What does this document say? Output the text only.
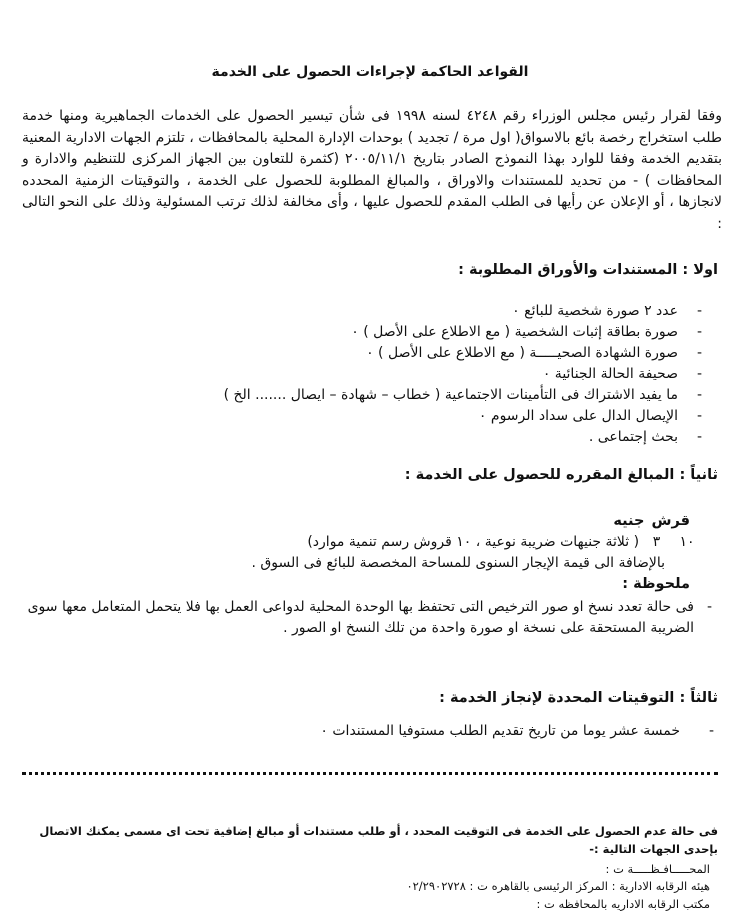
القواعد الحاكمة لإجراءات الحصول على الخدمة
وفقا لقرار رئيس مجلس الوزراء رقم ٤٢٤٨ لسنه ١٩٩٨ فى شأن تيسير الحصول على الخدمات الجماهيرية ومنها خدمة طلب استخراج رخصة بائع بالاسواق( اول مرة / تجديد ) بوحدات الإدارة المحلية بالمحافظات ، تلتزم الجهات الادارية المعنية بتقديم الخدمة وفقا للوارد بهذا النموذج الصادر بتاريخ ٢٠٠٥/١١/١ (كثمرة للتعاون بين الجهاز المركزى للتنظيم والادارة و المحافظات ) - من تحديد للمستندات والاوراق ، والمبالغ المطلوبة للحصول على الخدمة ، والتوقيتات الزمنية المحدده لانجازها ، أو الإعلان عن رأيها فى الطلب المقدم للحصول عليها ، وأى مخالفة لذلك ترتب المسئولية وذلك على النحو التالى :
اولا : المستندات والأوراق المطلوبة :
- عدد ٢ صورة شخصية للبائع ٠
- صورة بطاقة إثبات الشخصية ( مع الاطلاع على الأصل ) ٠
- صورة الشهادة الصحيـــــة ( مع الاطلاع على الأصل ) ٠
- صحيفة الحالة الجنائية ٠
- ما يفيد الاشتراك فى التأمينات الاجتماعية ( خطاب – شهادة – ايصال ....... الخ )
- الإيصال الدال على سداد الرسوم ٠
- بحث إجتماعى .
ثانياً : المبالغ المقرره للحصول على الخدمة :
قرش جنيه
١٠ ٣ ( ثلاثة جنيهات ضريبة نوعية ، ١٠ قروش رسم تنمية موارد)
بالإضافة الى قيمة الإيجار السنوى للمساحة المخصصة للبائع فى السوق .
ملحوظة :
- فى حالة تعدد نسخ او صور الترخيص التى تحتفظ بها الوحدة المحلية لدواعى العمل بها فلا يتحمل المتعامل معها سوى الضريبة المستحقة على نسخة او صورة واحدة من تلك النسخ او الصور .
ثالثاً : التوقيتات المحددة لإنجاز الخدمة :
- خمسة عشر يوما من تاريخ تقديم الطلب مستوفيا المستندات ٠
فى حالة عدم الحصول على الخدمة فى التوقيت المحدد ، أو طلب مستندات أو مبالغ إضافية تحت اى مسمى يمكنك الاتصال بإحدى الجهات التالية :-
المحـــــافـظـــــة ت :
هيئه الرقابه الادارية : المركز الرئيسى بالقاهره ت : ٠٢/٢٩٠٢٧٢٨
مكتب الرقابه الاداريه بالمحافظه ت :
